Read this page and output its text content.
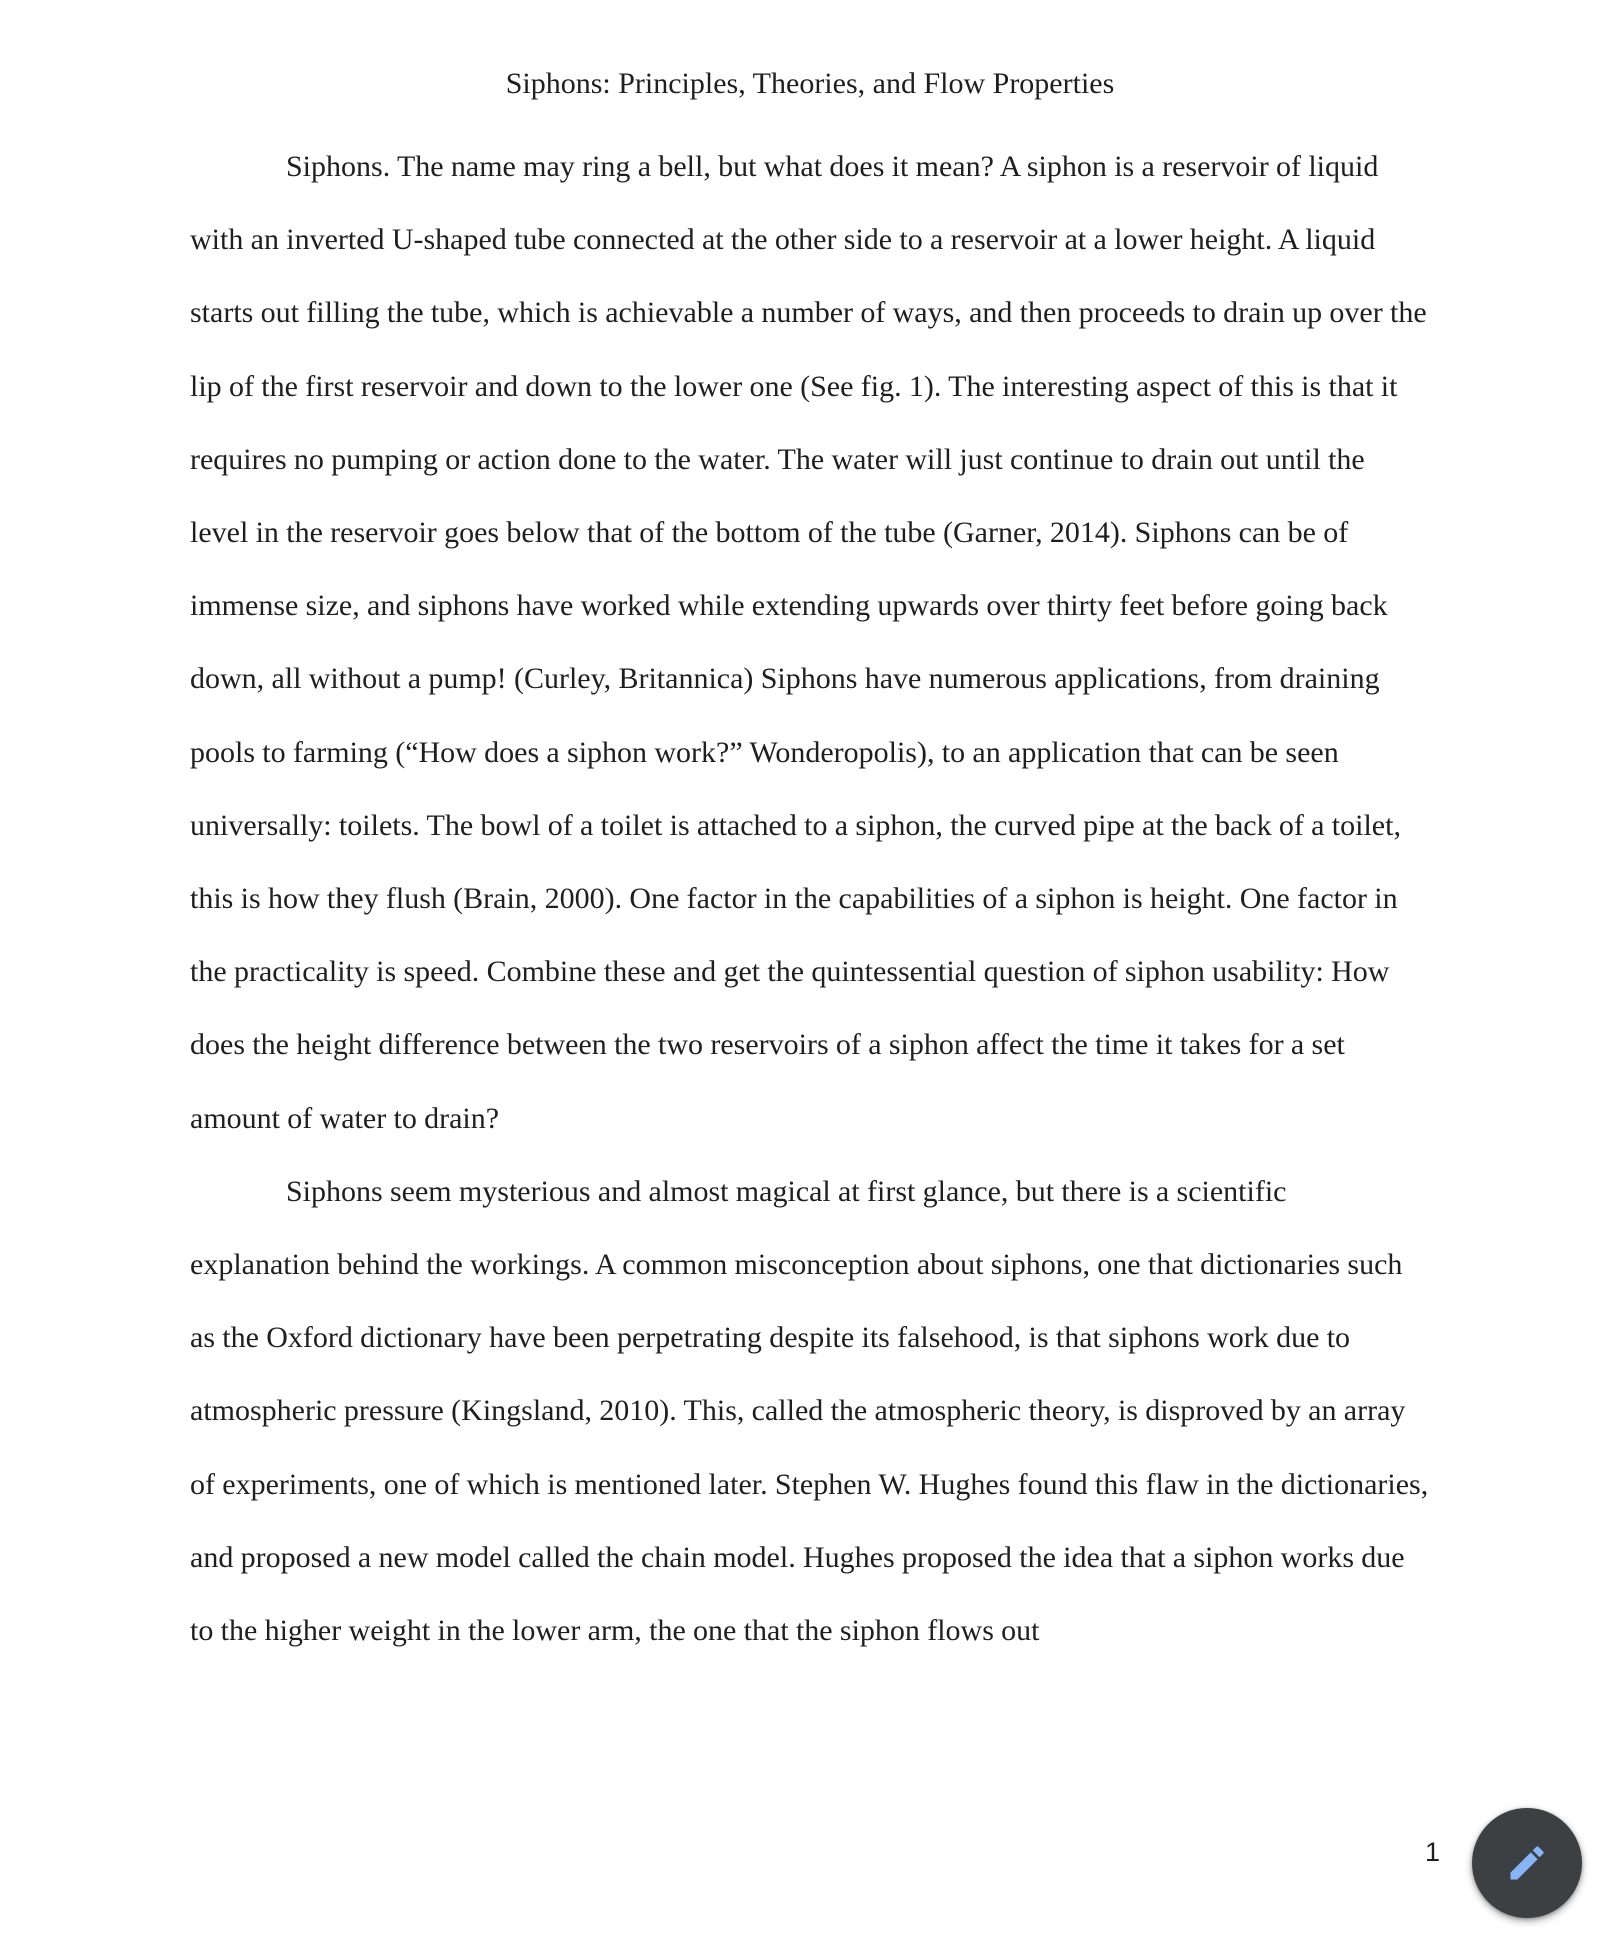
Siphons: Principles, Theories, and Flow Properties

Siphons. The name may ring a bell, but what does it mean? A siphon is a reservoir of liquid with an inverted U-shaped tube connected at the other side to a reservoir at a lower height. A liquid starts out filling the tube, which is achievable a number of ways, and then proceeds to drain up over the lip of the first reservoir and down to the lower one (See fig. 1). The interesting aspect of this is that it requires no pumping or action done to the water. The water will just continue to drain out until the level in the reservoir goes below that of the bottom of the tube (Garner, 2014). Siphons can be of immense size, and siphons have worked while extending upwards over thirty feet before going back down, all without a pump! (Curley, Britannica) Siphons have numerous applications, from draining pools to farming (“How does a siphon work?” Wonderopolis), to an application that can be seen universally: toilets. The bowl of a toilet is attached to a siphon, the curved pipe at the back of a toilet, this is how they flush (Brain, 2000). One factor in the capabilities of a siphon is height. One factor in the practicality is speed. Combine these and get the quintessential question of siphon usability: How does the height difference between the two reservoirs of a siphon affect the time it takes for a set amount of water to drain?

Siphons seem mysterious and almost magical at first glance, but there is a scientific explanation behind the workings. A common misconception about siphons, one that dictionaries such as the Oxford dictionary have been perpetrating despite its falsehood, is that siphons work due to atmospheric pressure (Kingsland, 2010). This, called the atmospheric theory, is disproved by an array of experiments, one of which is mentioned later. Stephen W. Hughes found this flaw in the dictionaries, and proposed a new model called the chain model. Hughes proposed the idea that a siphon works due to the higher weight in the lower arm, the one that the siphon flows out

1
